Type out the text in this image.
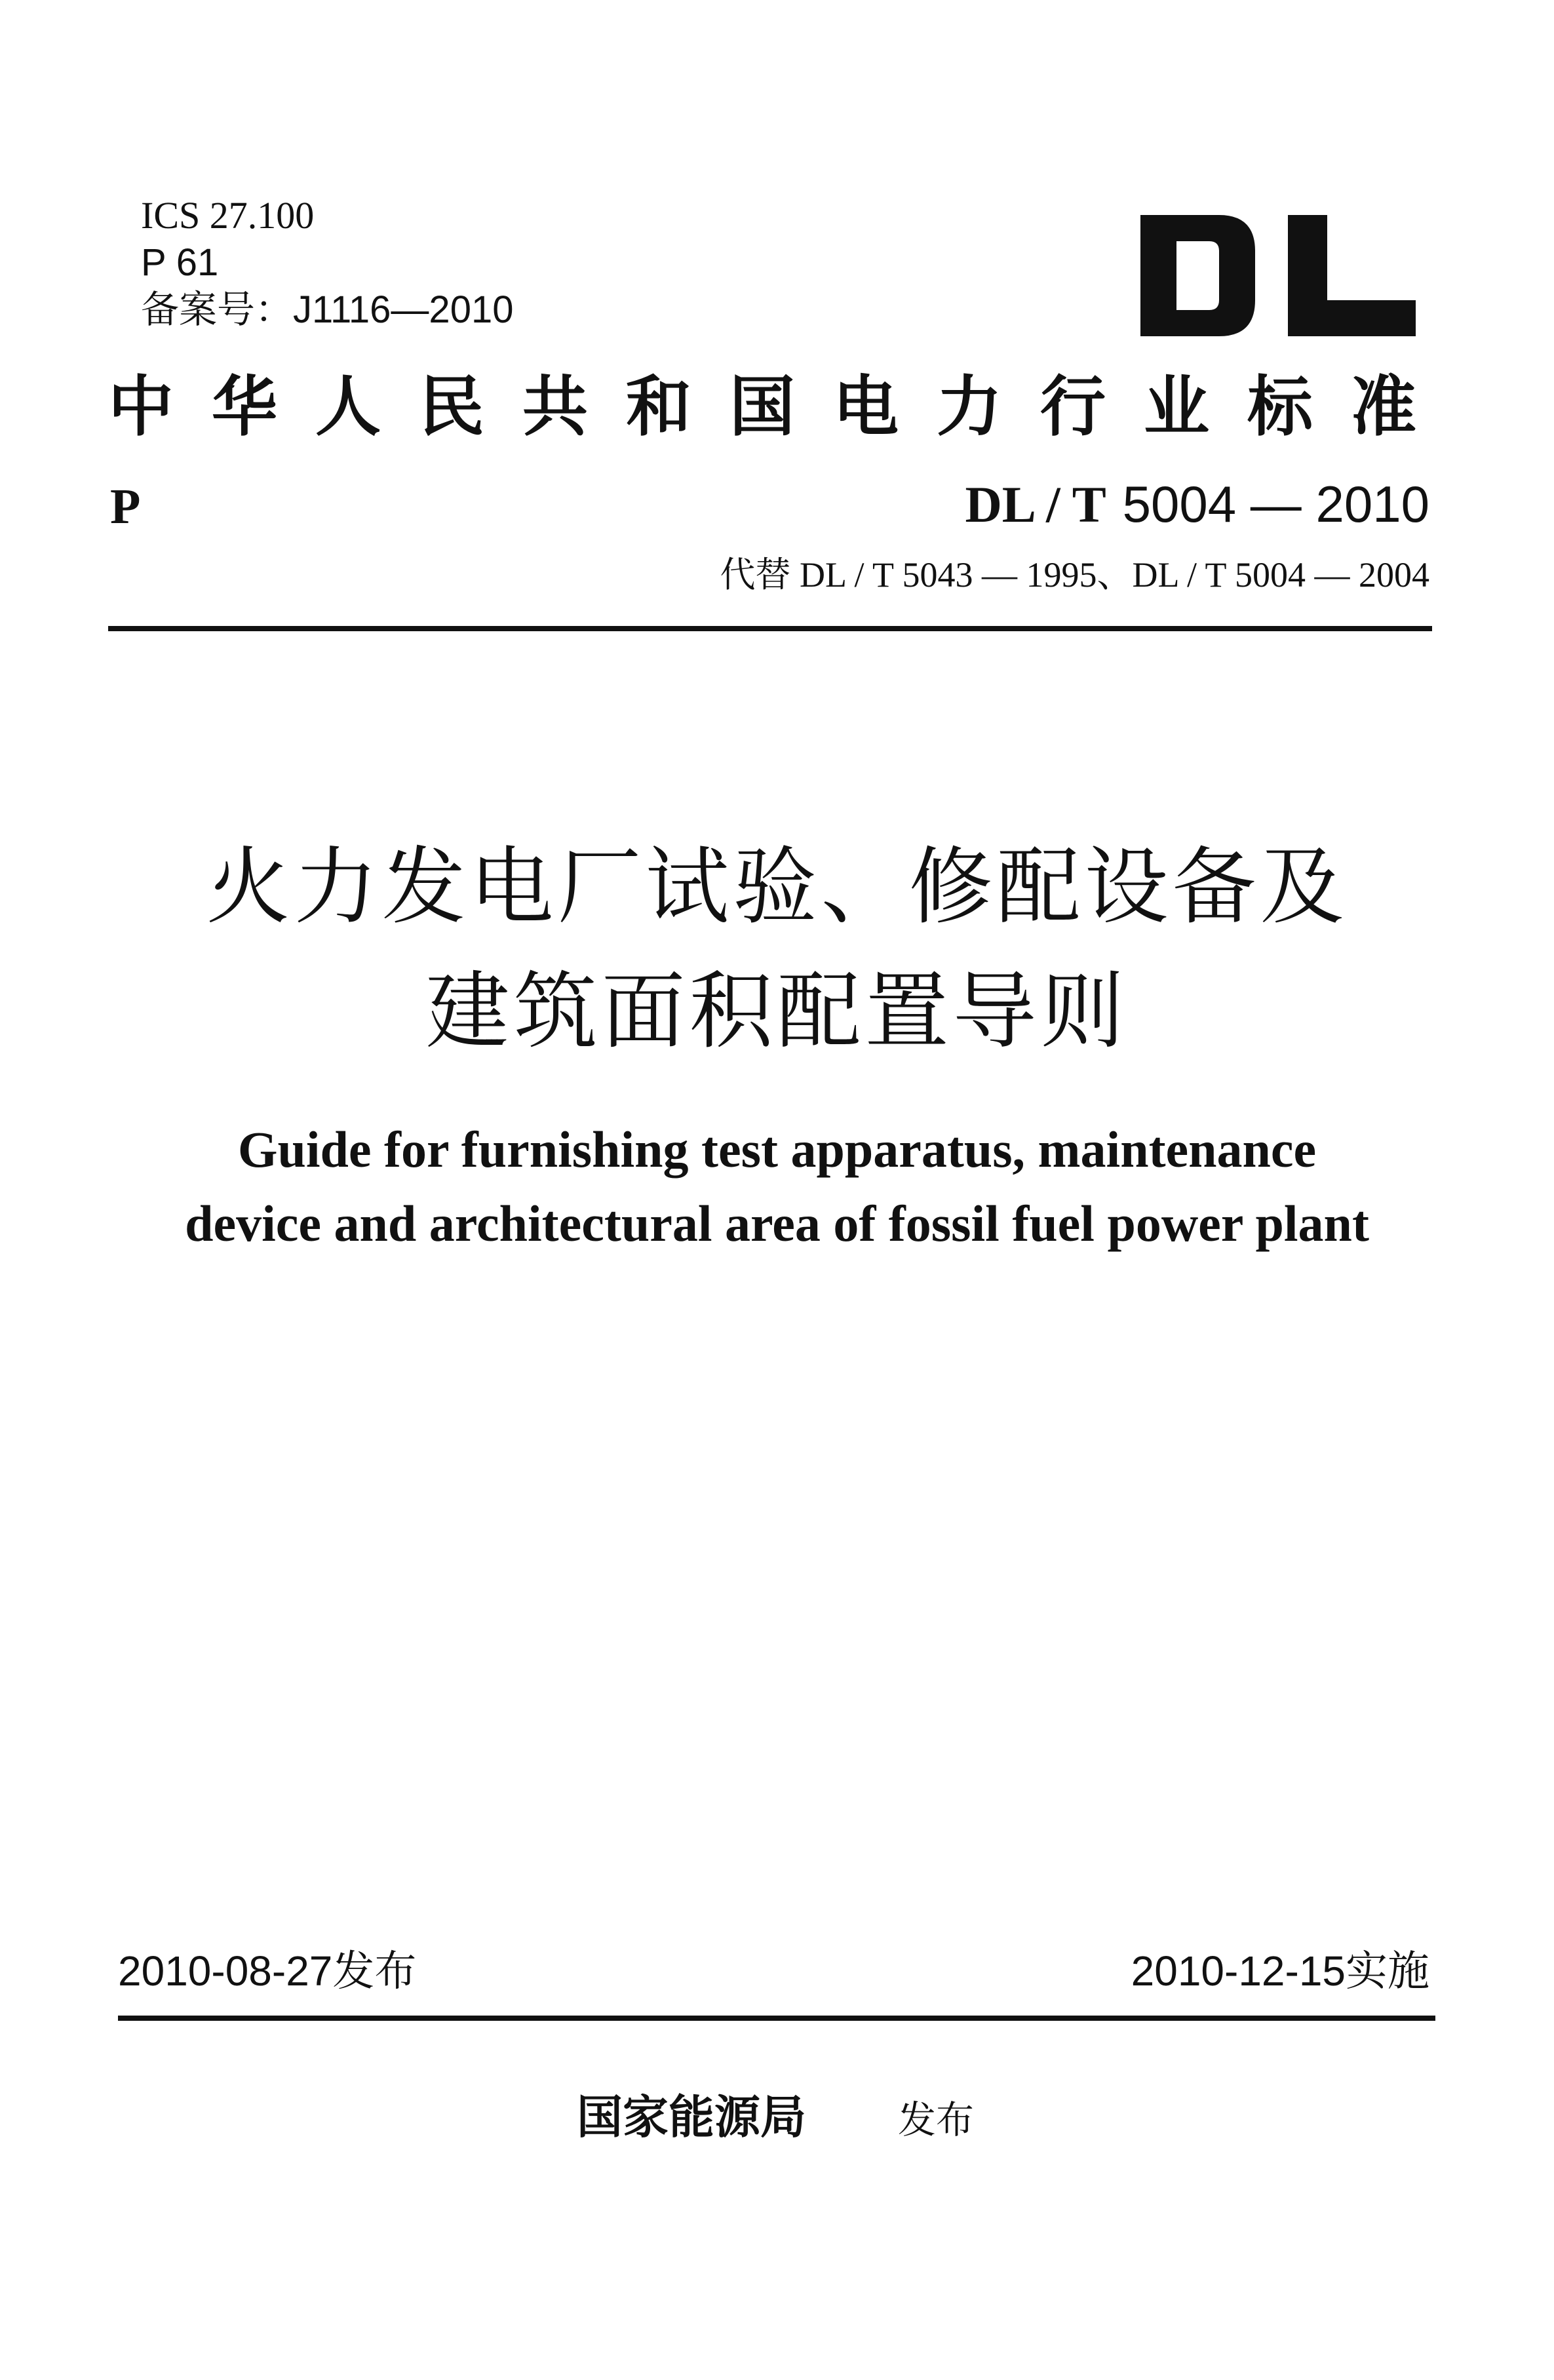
ICS 27.100
P 61
备案号：J1116—2010
中 华 人 民 共 和 国 电 力 行 业 标 准
P	DL / T 5004 — 2010
代替 DL / T 5043 — 1995、DL / T 5004 — 2004
火力发电厂试验、修配设备及
建筑面积配置导则
Guide for furnishing test apparatus, maintenance
device and architectural area of fossil fuel power plant
2010-08-27发布	2010-12-15实施
国家能源局 发布
